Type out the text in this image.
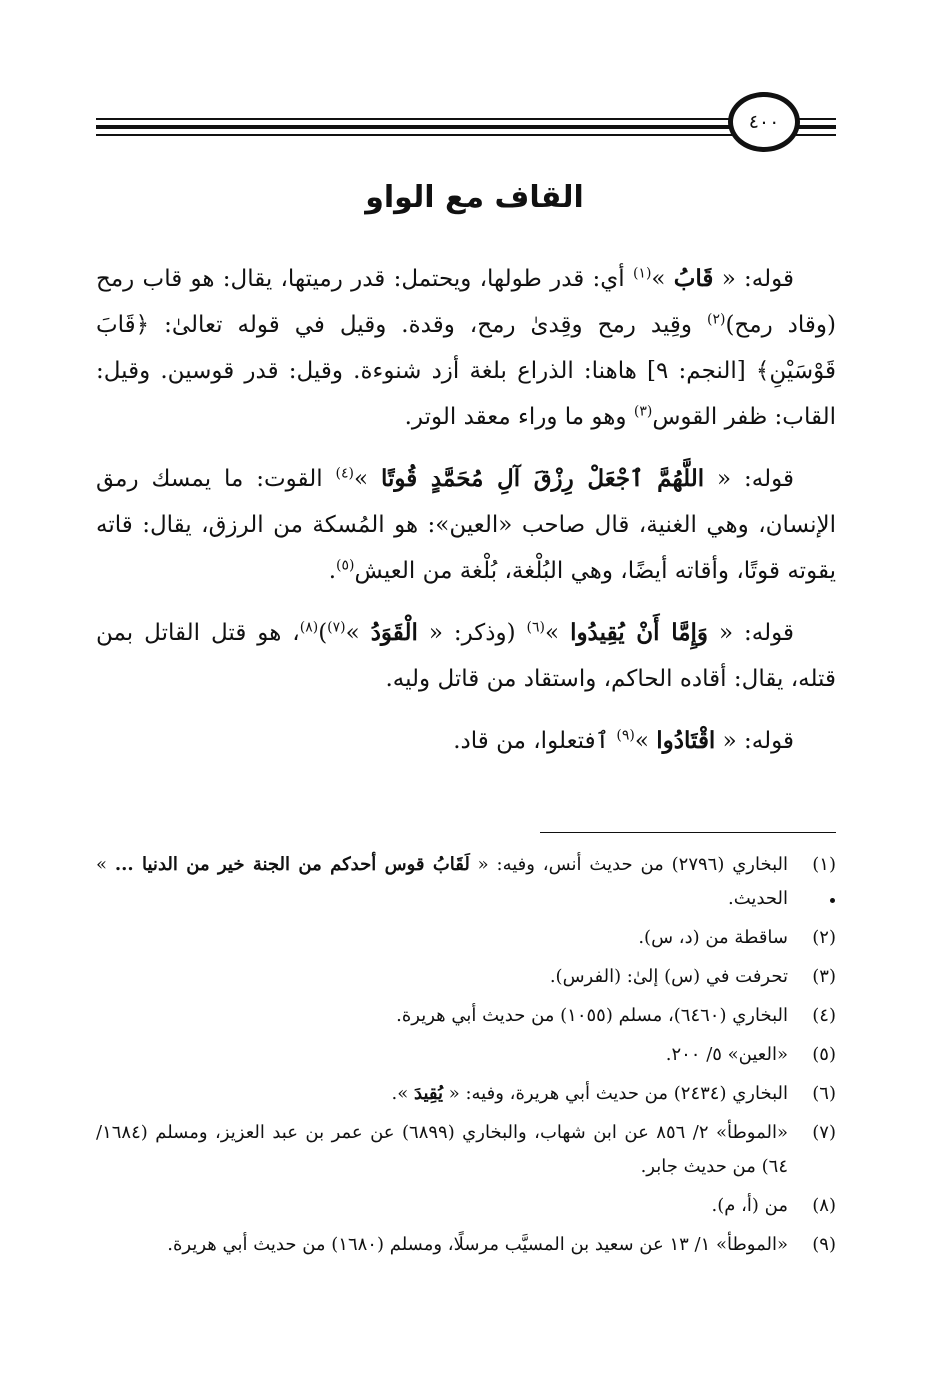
٤٠٠
القاف مع الواو

قوله: « قَابُ »$^{(١)}$ أي: قدر طولها، ويحتمل: قدر رميتها، يقال: هو قاب رمح (وقاد رمح)$^{(٢)}$ وقِيد رمح وقِدىٰ رمح، وقدة. وقيل في قوله تعالىٰ: ﴿قَابَ قَوْسَيْنِ﴾ [النجم: ٩] هاهنا: الذراع بلغة أزد شنوءة. وقيل: قدر قوسين. وقيل: القاب: ظفر القوس$^{(٣)}$ وهو ما وراء معقد الوتر.

قوله: « اللَّهُمَّ ٱجْعَلْ رِزْقَ آلِ مُحَمَّدٍ قُوتًا »$^{(٤)}$ القوت: ما يمسك رمق الإنسان، وهي الغنية، قال صاحب «العين»: هو المُسكة من الرزق، يقال: قاته يقوته قوتًا، وأقاته أيضًا، وهي البُلْغة، بُلْغة من العيش$^{(٥)}$.

قوله: « وَإِمَّا أَنْ يُقِيدُوا »$^{(٦)}$ (وذكر: « الْقَوَدُ »$^{(٧)}$)$^{(٨)}$، هو قتل القاتل بمن قتله، يقال: أقاده الحاكم، واستقاد من قاتل وليه.

قوله: « اقْتَادُوا »$^{(٩)}$ ٱفتعلوا، من قاد.

(١)
البخاري (٢٧٩٦) من حديث أنس، وفيه: « لَقَابُ قوس أحدكم من الجنة خير من الدنيا ... » الحديث.
(٢)
ساقطة من (د، س).
(٣)
تحرفت في (س) إلىٰ: (الفرس).
(٤)
البخاري (٦٤٦٠)، مسلم (١٠٥٥) من حديث أبي هريرة.
(٥)
«العين» ٥/ ٢٠٠.
(٦)
البخاري (٢٤٣٤) من حديث أبي هريرة، وفيه: « يُقِيدَ ».
(٧)
«الموطأ» ٢/ ٨٥٦ عن ابن شهاب، والبخاري (٦٨٩٩) عن عمر بن عبد العزيز، ومسلم (١٦٨٤/ ٦٤) من حديث جابر.
(٨)
من (أ، م).
(٩)
«الموطأ» ١/ ١٣ عن سعيد بن المسيَّب مرسلًا، ومسلم (١٦٨٠) من حديث أبي هريرة.
